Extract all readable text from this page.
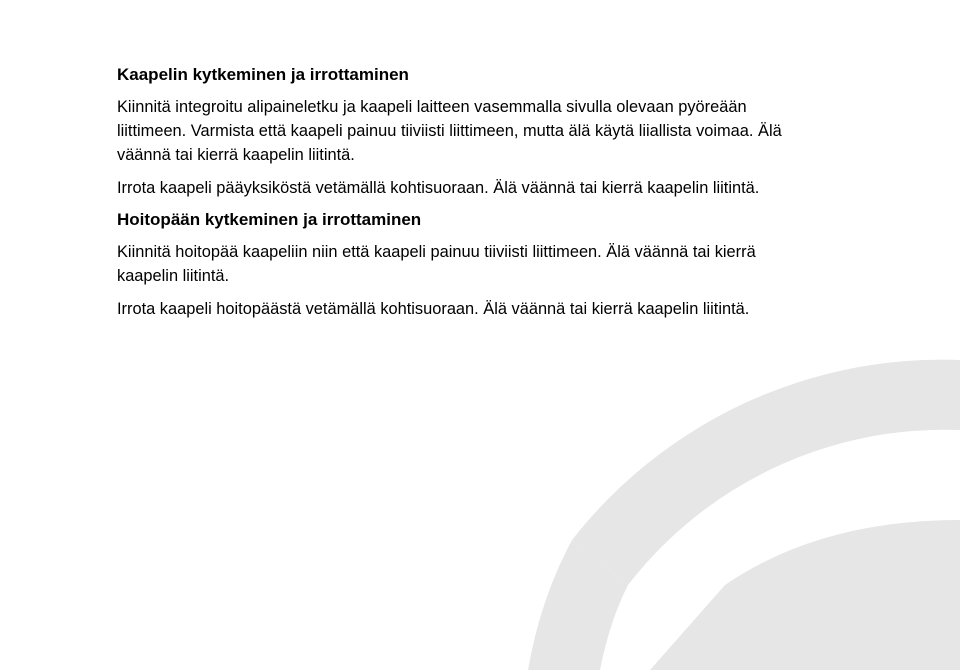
Kaapelin kytkeminen ja irrottaminen

Kiinnitä integroitu alipaineletku ja kaapeli laitteen vasemmalla sivulla olevaan pyöreään liittimeen. Varmista että kaapeli painuu tiiviisti liittimeen, mutta älä käytä liiallista voimaa. Älä väännä tai kierrä kaapelin liitintä.

Irrota kaapeli pääyksiköstä vetämällä kohtisuoraan. Älä väännä tai kierrä kaapelin liitintä.

Hoitopään kytkeminen ja irrottaminen

Kiinnitä hoitopää kaapeliin niin että kaapeli painuu tiiviisti liittimeen. Älä väännä tai kierrä kaapelin liitintä.

Irrota kaapeli hoitopäästä vetämällä kohtisuoraan. Älä väännä tai kierrä kaapelin liitintä.
